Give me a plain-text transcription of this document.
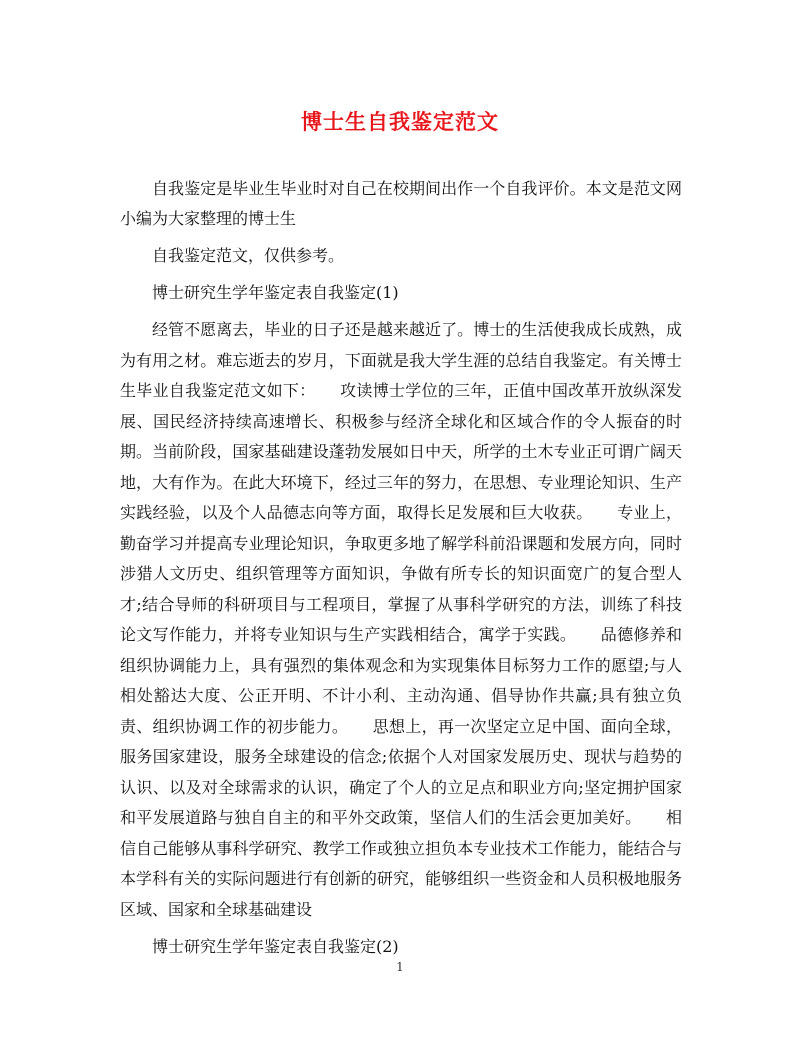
博士生自我鉴定范文

自我鉴定是毕业生毕业时对自己在校期间出作一个自我评价。本文是范文网小编为大家整理的博士生

自我鉴定范文，仅供参考。

博士研究生学年鉴定表自我鉴定(1)

经管不愿离去，毕业的日子还是越来越近了。博士的生活使我成长成熟，成为有用之材。难忘逝去的岁月，下面就是我大学生涯的总结自我鉴定。有关博士生毕业自我鉴定范文如下：　　攻读博士学位的三年，正值中国改革开放纵深发展、国民经济持续高速增长、积极参与经济全球化和区域合作的令人振奋的时期。当前阶段，国家基础建设蓬勃发展如日中天，所学的土木专业正可谓广阔天地，大有作为。在此大环境下，经过三年的努力，在思想、专业理论知识、生产实践经验，以及个人品德志向等方面，取得长足发展和巨大收获。　　专业上，勤奋学习并提高专业理论知识，争取更多地了解学科前沿课题和发展方向，同时涉猎人文历史、组织管理等方面知识，争做有所专长的知识面宽广的复合型人才;结合导师的科研项目与工程项目，掌握了从事科学研究的方法，训练了科技论文写作能力，并将专业知识与生产实践相结合，寓学于实践。　　品德修养和组织协调能力上，具有强烈的集体观念和为实现集体目标努力工作的愿望;与人相处豁达大度、公正开明、不计小利、主动沟通、倡导协作共赢;具有独立负责、组织协调工作的初步能力。　　思想上，再一次坚定立足中国、面向全球，服务国家建设，服务全球建设的信念;依据个人对国家发展历史、现状与趋势的认识、以及对全球需求的认识，确定了个人的立足点和职业方向;坚定拥护国家和平发展道路与独自自主的和平外交政策，坚信人们的生活会更加美好。　　相信自己能够从事科学研究、教学工作或独立担负本专业技术工作能力，能结合与本学科有关的实际问题进行有创新的研究，能够组织一些资金和人员积极地服务区域、国家和全球基础建设

博士研究生学年鉴定表自我鉴定(2)

1
